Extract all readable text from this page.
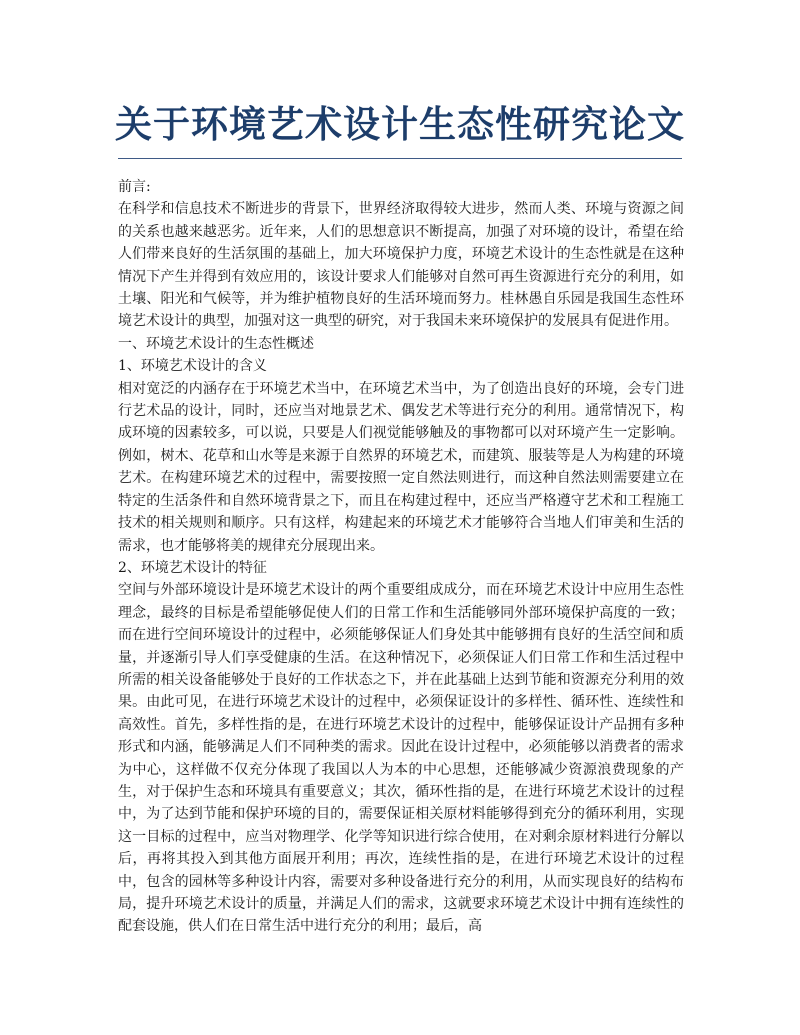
关于环境艺术设计生态性研究论文

前言:

在科学和信息技术不断进步的背景下，世界经济取得较大进步，然而人类、环境与资源之间的关系也越来越恶劣。近年来，人们的思想意识不断提高，加强了对环境的设计，希望在给人们带来良好的生活氛围的基础上，加大环境保护力度，环境艺术设计的生态性就是在这种情况下产生并得到有效应用的，该设计要求人们能够对自然可再生资源进行充分的利用，如土壤、阳光和气候等，并为维护植物良好的生活环境而努力。桂林愚自乐园是我国生态性环境艺术设计的典型，加强对这一典型的研究，对于我国未来环境保护的发展具有促进作用。

一、环境艺术设计的生态性概述

1、环境艺术设计的含义

相对宽泛的内涵存在于环境艺术当中，在环境艺术当中，为了创造出良好的环境，会专门进行艺术品的设计，同时，还应当对地景艺术、偶发艺术等进行充分的利用。通常情况下，构成环境的因素较多，可以说，只要是人们视觉能够触及的事物都可以对环境产生一定影响。例如，树木、花草和山水等是来源于自然界的环境艺术，而建筑、服装等是人为构建的环境艺术。在构建环境艺术的过程中，需要按照一定自然法则进行，而这种自然法则需要建立在特定的生活条件和自然环境背景之下，而且在构建过程中，还应当严格遵守艺术和工程施工技术的相关规则和顺序。只有这样，构建起来的环境艺术才能够符合当地人们审美和生活的需求，也才能够将美的规律充分展现出来。

2、环境艺术设计的特征

空间与外部环境设计是环境艺术设计的两个重要组成成分，而在环境艺术设计中应用生态性理念，最终的目标是希望能够促使人们的日常工作和生活能够同外部环境保护高度的一致；而在进行空间环境设计的过程中，必须能够保证人们身处其中能够拥有良好的生活空间和质量，并逐渐引导人们享受健康的生活。在这种情况下，必须保证人们日常工作和生活过程中所需的相关设备能够处于良好的工作状态之下，并在此基础上达到节能和资源充分利用的效果。由此可见，在进行环境艺术设计的过程中，必须保证设计的多样性、循环性、连续性和高效性。首先，多样性指的是，在进行环境艺术设计的过程中，能够保证设计产品拥有多种形式和内涵，能够满足人们不同种类的需求。因此在设计过程中，必须能够以消费者的需求为中心，这样做不仅充分体现了我国以人为本的中心思想，还能够减少资源浪费现象的产生，对于保护生态和环境具有重要意义；其次，循环性指的是，在进行环境艺术设计的过程中，为了达到节能和保护环境的目的，需要保证相关原材料能够得到充分的循环利用，实现这一目标的过程中，应当对物理学、化学等知识进行综合使用，在对剩余原材料进行分解以后，再将其投入到其他方面展开利用；再次，连续性指的是，在进行环境艺术设计的过程中，包含的园林等多种设计内容，需要对多种设备进行充分的利用，从而实现良好的结构布局，提升环境艺术设计的质量，并满足人们的需求，这就要求环境艺术设计中拥有连续性的配套设施，供人们在日常生活中进行充分的利用；最后，高
